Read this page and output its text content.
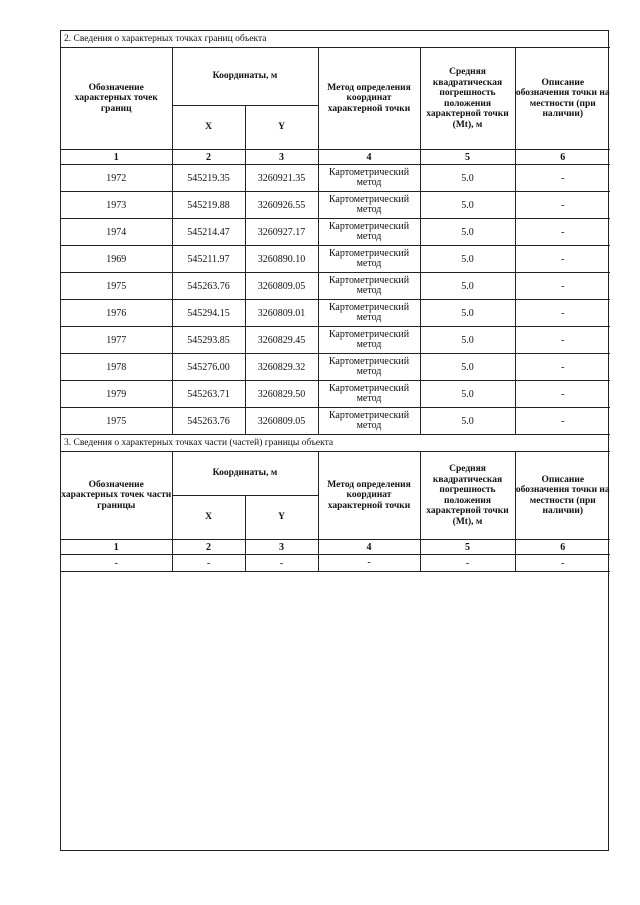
2. Сведения о характерных точках границ объекта					
Обозначение характерных точек границ	Координаты, м		Метод определения координат характерной точки	Средняя квадратическая погрешность положения характерной точки (Mt), м	Описание обозначения точки на местности (при наличии)
	X	Y			
1	2	3	4	5	6
1972	545219.35	3260921.35	Картометрический метод	5.0	-
1973	545219.88	3260926.55	Картометрический метод	5.0	-
1974	545214.47	3260927.17	Картометрический метод	5.0	-
1969	545211.97	3260890.10	Картометрический метод	5.0	-
1975	545263.76	3260809.05	Картометрический метод	5.0	-
1976	545294.15	3260809.01	Картометрический метод	5.0	-
1977	545293.85	3260829.45	Картометрический метод	5.0	-
1978	545276.00	3260829.32	Картометрический метод	5.0	-
1979	545263.71	3260829.50	Картометрический метод	5.0	-
1975	545263.76	3260809.05	Картометрический метод	5.0	-
3. Сведения о характерных точках части (частей) границы объекта					
Обозначение характерных точек части границы	Координаты, м		Метод определения координат характерной точки	Средняя квадратическая погрешность положения характерной точки (Mt), м	Описание обозначения точки на местности (при наличии)
	X	Y			
1	2	3	4	5	6
-	-	-	-	-	-
